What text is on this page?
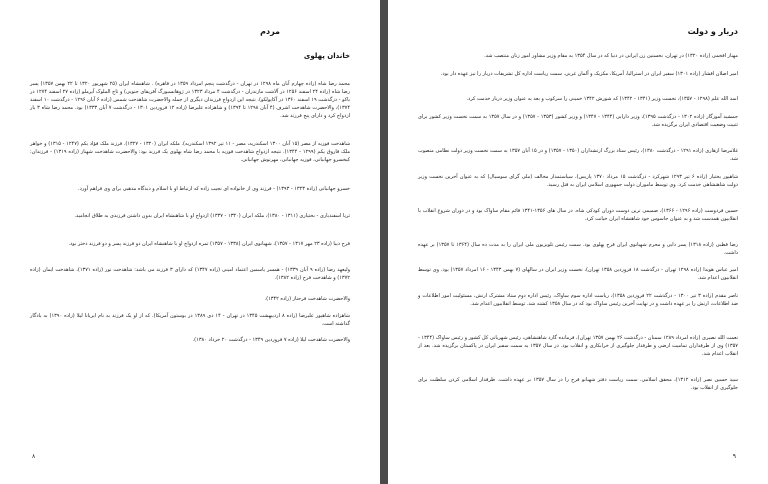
مردم
خاندان پهلوی
محمد رضا شاه (زاده چهارم آبان ماه ۱۲۹۸ در تهران - درگذشت پنجم امرداد ۱۳۵۹ در قاهره) . شاهنشاه ایران (۲۵ شهریور ۱۳۲۰ تا ۲۲ بهمن ۱۳۵۷) پسر رضا شاه (زاده ۲۴ اسفند ۱۲۵۶ در آلاشت مازندران - درگذشت ۴ مرداد ۱۳۲۳ در ژوهانسبورگ آفریقای جنوبی) و تاج الملوک آیرملو (زاده ۲۷ اسفند ۱۲۷۴ در باکو - درگذشت ۱۹ اسفند ۱۳۶۰ در آکاپولکو). نتیجه این ازدواج فرزندان دیگری از جمله والاحضرت شاهدخت شمس (زاده ۶ آبان ۱۲۹۶ - درگذشت ۱۰ اسفند ۱۳۷۴)، والاحضرت شاهدخت اشرف (۴ آبان ۱۲۹۸ تا ۱۳۹۴) و شاهزاده علیرضا (زاده ۱۲ فروردین ۱۳۰۱ - درگذشت ۷ آبان ۱۳۳۳) بود. محمد رضا شاه ۳ بار ازدواج کرد و دارای پنج فرزند شد.
شاهدخت فوزیه از مصر (۱۵ آبان ۱۳۰۰ اسکندریه، مصر - ۱۱ تیر ۱۳۹۲ اسکندریه). ملکه ایران (۱۳۲۰ - ۱۳۲۷). فرزند ملک فؤاد یکم (۱۲۴۷ - ۱۳۱۵) و خواهر ملک فاروق یکم (۱۲۹۹ - ۱۳۴۴). نتیجه ازدواج شاهدخت فوزیه با محمد رضا شاه پهلوی یک فرزند بود: والاحضرت شاهدخت شهناز (زاده ۱۳۱۹) - فرزندان: کیخسرو جهانبانی، فوزیه جهانبانی، مهرنوش جهانبانی.
خسرو جهانبانی (زاده ۱۳۲۳ - ۱۳۹۳) - فرزند وی از خانواده ای نجیب زاده که ارتباط او با اسلام و دیدگاه مذهبی برای وی فراهم آورد.
ثریا اسفندیاری - بختیاری (۱۳۱۱ - ۱۳۸۰)، ملکه ایران (۱۳۳۰ - ۱۳۳۷) ازدواج او با شاهنشاه ایران بدون داشتن فرزندی به طلاق انجامید.
فرح دیبا (زاده ۲۳ مهر ۱۳۱۷ - ۱۳۵۷)، شهبانوی ایران (۱۳۳۸ - ۱۳۵۷) ثمره ازدواج او با شاهنشاه ایران دو فرزند پسر و دو فرزند دختر بود.
ولیعهد رضا (زاده ۹ آبان ۱۳۳۹) - همسر یاسمین اعتماد امینی (زاده ۱۳۴۷) که دارای ۳ فرزند می باشد: شاهدخت نور (زاده ۱۳۷۱)، شاهدخت ایمان (زاده ۱۳۷۲) و شاهدخت فرح (زاده ۱۳۸۲).
والاحضرت شاهدخت فرحناز (زاده ۱۳۴۲).
شاهزاده شاهپور علیرضا (زاده ۸ اردیبهشت ۱۳۴۵ در تهران - ۱۴ دی ۱۳۸۹ در بوستون آمریکا). که از او یک فرزند به نام ایریانا لیلا (زاده ۱۳۹۰) به یادگار گذاشته است.
والاحضرت شاهدخت لیلا (زاده ۷ فروردین ۱۳۴۹ - درگذشت ۲۰ خرداد ۱۳۸۰).
۸
دربار و دولت
مهناز افخمی (زاده ۱۳۲۰) در تهران، نخستین زن ایرانی در دنیا که در سال ۱۳۵۴ به مقام وزیر مشاور امور زنان منتصب شد.
امیر اصلان افشار (زاده ۱۳۰۱) سفیر ایران در استرالیا، آمریکا، مکزیک و آلمان غربی. سمت ریاست اداره کل تشریفات دربار را نیز عهده دار بود.
اسد الله علم (۱۲۹۸ - ۱۳۵۷)، نخست وزیر (۱۳۴۱ - ۱۳۴۲) که شورش ۱۳۴۲ خمینی را سرکوب و بعد به عنوان وزیر دربار خدمت کرد.
جمشید آموزگار (زاده ۱۳۰۲ - درگذشت ۱۳۹۵)، وزیر دارایی (۱۳۴۴ - ۱۳۴۷) و وزیر کشور (۱۳۵۳ - ۱۳۵۷) و در سال ۱۳۵۷ به سمت نخست وزیر کشور برای تثبیت وضعیت اقتصادی ایران برگزیده شد.
غلامرضا ازهاری (زاده ۱۲۹۱ - درگذشت ۱۳۸۰)، رئیس ستاد بزرگ ارتشداران (۱۳۵۰ - ۱۳۵۷) و در ۱۵ آبان ۱۳۵۷ به سمت نخست وزیر دولت نظامی منصوب شد.
شاهپور بختیار (زاده ۶ تیر ۱۲۹۳ شهرکرد - درگذشت ۱۵ مرداد ۱۳۷۰ پاریس)، سیاستمدار مخالف (ملی گرای سوسیال) که به عنوان آخرین نخست وزیر دولت شاهنشاهی خدمت کرد. وی توسط ماموران دولت جمهوری اسلامی ایران به قتل رسید.
حسین فردوست (زاده ۱۲۹۶ - ۱۳۶۶)، صمیمی ترین دوست دوران کودکی شاه. در سال های ۱۳۵۶-۱۳۴۱ قائم مقام ساواک بود و در دوران شروع انقلاب با انقلابیون همدست شد و به عنوان جاسوس خود شاهنشاه ایران خیانت کرد.
رضا قطبی (زاده ۱۳۱۸) پسر دایی و محرم شهبانوی ایران فرح پهلوی بود. سمت رئیس تلویزیون ملی ایران را به مدت ده سال (۱۳۶۴ تا ۱۳۵۷) بر عهده داشت.
امیر عباس هویدا (زاده ۱۲۹۸ تهران - درگذشت ۱۸ فروردین ۱۳۵۸ تهران)، نخست وزیر ایران در سالهای (۷ بهمن ۱۳۴۳ - ۱۶ امرداد ۱۳۵۷) بود. وی توسط انقلابیون اعدام شد.
ناصر مقدم (زاده ۳ تیر ۱۳۰۰ - درگذشت ۲۲ فروردین ۱۳۵۸)، ریاست اداره سوم ساواک، رئیس اداره دوم ستاد مشترک ارتش، مسئولیت امور اطلاعات و ضد اطلاعات، ارتش را بر عهده داشت و در نهایت آخرین رئیس ساواک بود که در سال ۱۳۵۸ کشته شد. توسط انقلابیون اعدام شد.
نعمت الله نصیری (زاده امرداد ۱۲۸۹ سمنان - درگذشت ۲۶ بهمن ۱۳۵۷ تهران)، فرمانده گارد شاهنشاهی، رئیس شهربانی کل کشور و رئیس ساواک (۱۳۴۴ - ۱۳۵۷) وی از طرفداران تمامیت ارضی و طرفدار جلوگیری از خرابکاری و انقلاب بود. در سال ۱۳۵۷ به سمت سفیر ایران در پاکستان برگزیده شد. بعد از انقلاب اعدام شد.
سید حسین نصر (زاده ۱۳۱۲)، محقق اسلامی. سمت ریاست دفتر شهبانو فرح را در سال ۱۳۵۷ بر عهده داشت. طرفدار اسلامی کردن سلطنت برای جلوگیری از انقلاب بود.
۹
